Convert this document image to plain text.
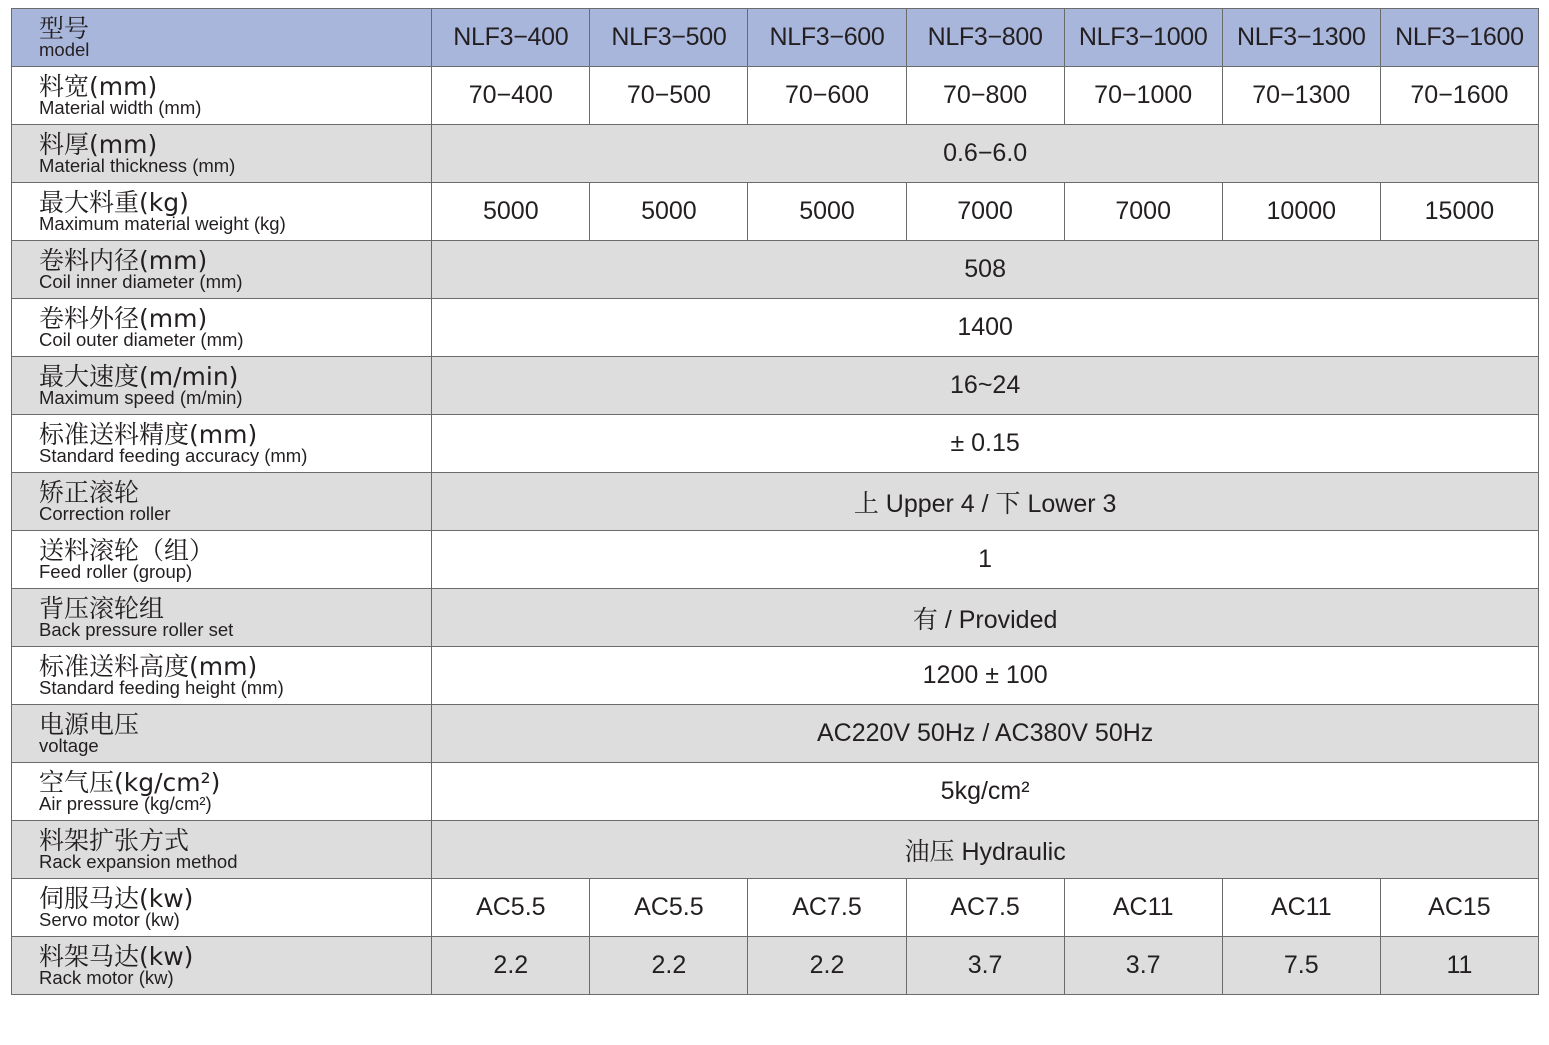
型号
model	NLF3−400	NLF3−500	NLF3−600	NLF3−800	NLF3−1000	NLF3−1300	NLF3−1600

料宽(mm)
Material width (mm)	70−400	70−500	70−600	70−800	70−1000	70−1300	70−1600

料厚(mm)
Material thickness (mm)	0.6−6.0						

最大料重(kg)
Maximum material weight (kg)	5000	5000	5000	7000	7000	10000	15000

卷料内径(mm)
Coil inner diameter (mm)	508						

卷料外径(mm)
Coil outer diameter (mm)	1400						

最大速度(m/min)
Maximum speed (m/min)	16~24						

标准送料精度(mm)
Standard feeding accuracy (mm)	± 0.15						

矫正滚轮
Correction roller	上 Upper 4 / 下 Lower 3						

送料滚轮（组）
Feed roller (group)	1						

背压滚轮组
Back pressure roller set	有 / Provided						

标准送料高度(mm)
Standard feeding height (mm)	1200 ± 100						

电源电压
voltage	AC220V 50Hz / AC380V 50Hz						

空气压(kg/cm²)
Air pressure (kg/cm²)	5kg/cm²						

料架扩张方式
Rack expansion method	油压 Hydraulic						

伺服马达(kw)
Servo motor (kw)	AC5.5	AC5.5	AC7.5	AC7.5	AC11	AC11	AC15

料架马达(kw)
Rack motor (kw)	2.2	2.2	2.2	3.7	3.7	7.5	11
